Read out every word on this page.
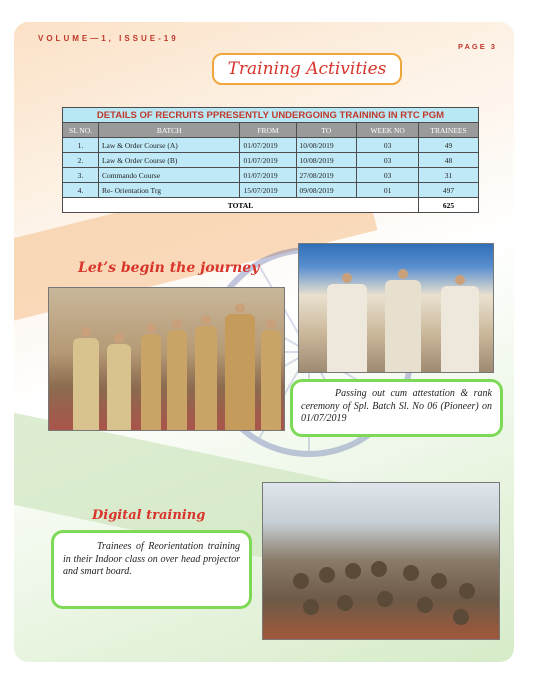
VOLUME—1, ISSUE-19
PAGE 3
Training Activities
DETAILS OF RECRUITS PPRESENTLY UNDERGOING TRAINING IN RTC PGM					
SL NO.	BATCH	FROM	TO	WEEK NO	TRAINEES
1.	Law & Order Course (A)	01/07/2019	10/08/2019	03	49
2.	Law & Order Course (B)	01/07/2019	10/08/2019	03	48
3.	Commando Course	01/07/2019	27/08/2019	03	31
4.	Re- Orientation Trg	15/07/2019	09/08/2019	01	497
TOTAL					625
Let’s begin the journey
Passing out cum attestation & rank ceremony of Spl. Batch Sl. No 06 (Pioneer) on 01/07/2019
Digital training
Trainees of Reorientation training in their Indoor class on over head projector and smart board.
